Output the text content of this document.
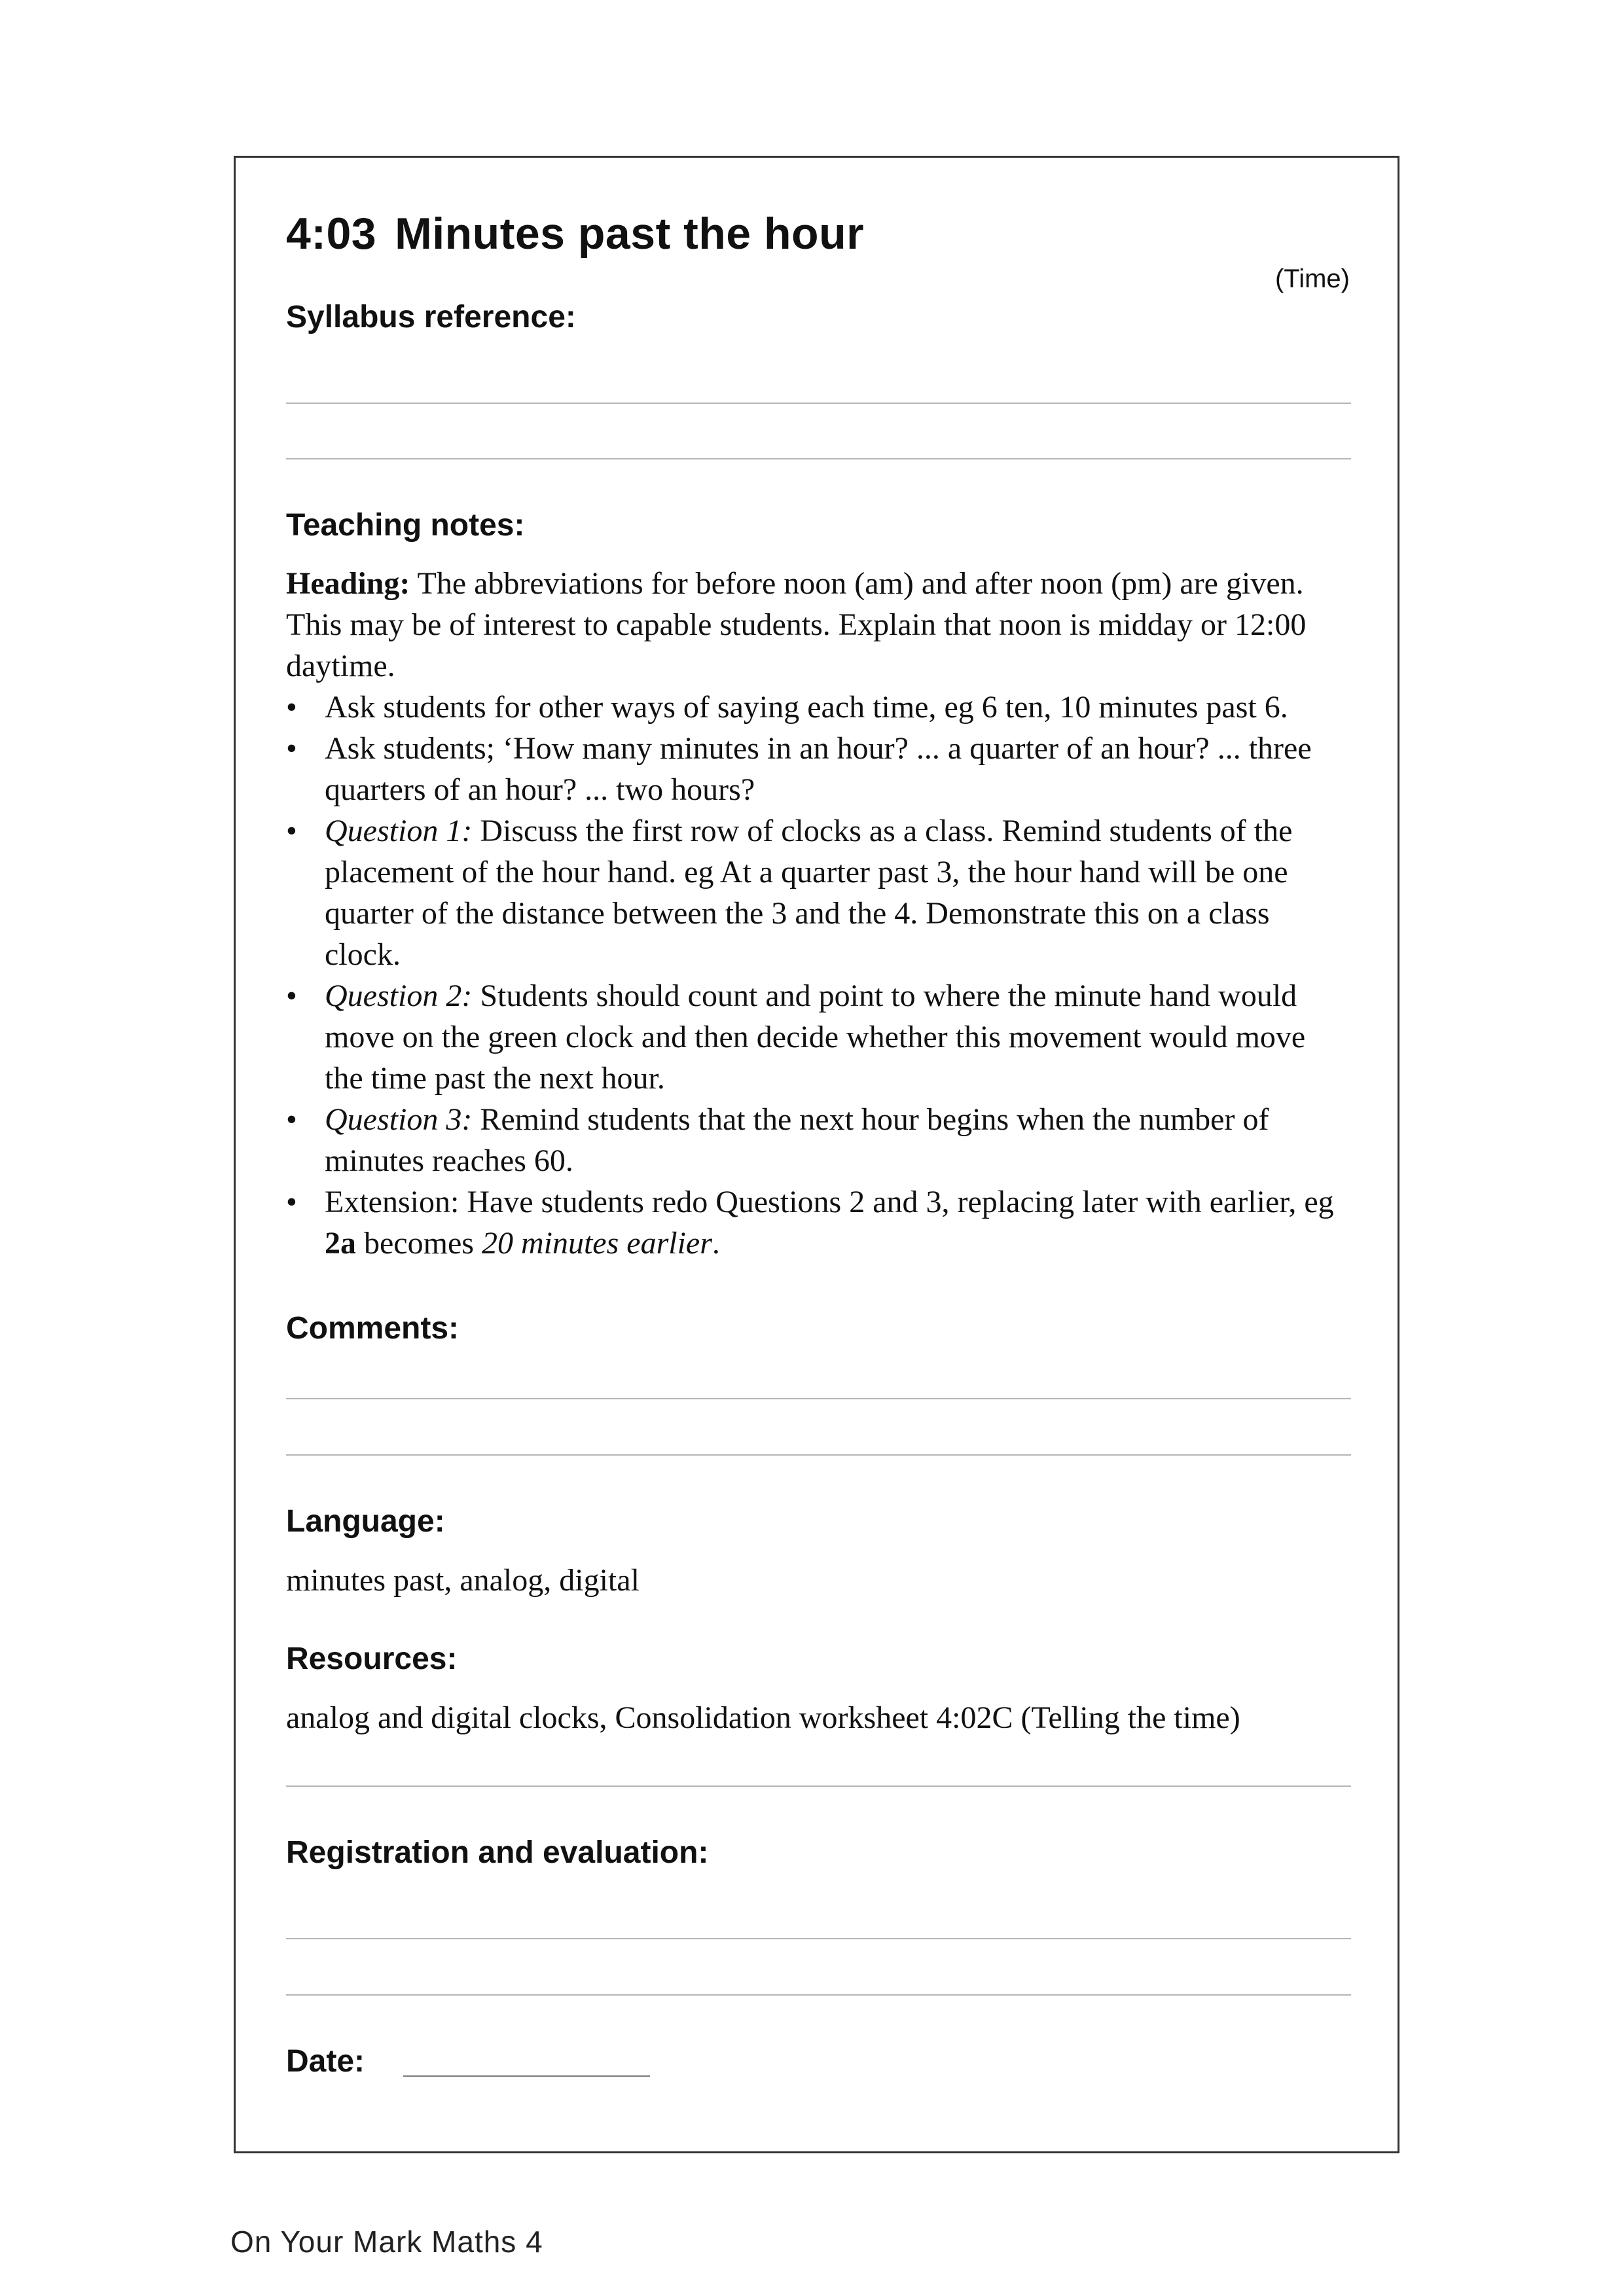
4:03 Minutes past the hour
(Time)
Syllabus reference:
Teaching notes:

Heading: The abbreviations for before noon (am) and after noon (pm) are given. This may be of interest to capable students. Explain that noon is midday or 12:00 daytime.

• Ask students for other ways of saying each time, eg 6 ten, 10 minutes past 6.
• Ask students; ‘How many minutes in an hour? ... a quarter of an hour? ... three quarters of an hour? ... two hours?
• Question 1: Discuss the first row of clocks as a class. Remind students of the placement of the hour hand. eg At a quarter past 3, the hour hand will be one quarter of the distance between the 3 and the 4. Demonstrate this on a class clock.
• Question 2: Students should count and point to where the minute hand would move on the green clock and then decide whether this movement would move the time past the next hour.
• Question 3: Remind students that the next hour begins when the number of minutes reaches 60.
• Extension: Have students redo Questions 2 and 3, replacing later with earlier, eg 2a becomes 20 minutes earlier.
Comments:
Language:
minutes past, analog, digital
Resources:
analog and digital clocks, Consolidation worksheet 4:02C (Telling the time)
Registration and evaluation:
Date:
On Your Mark Maths 4
